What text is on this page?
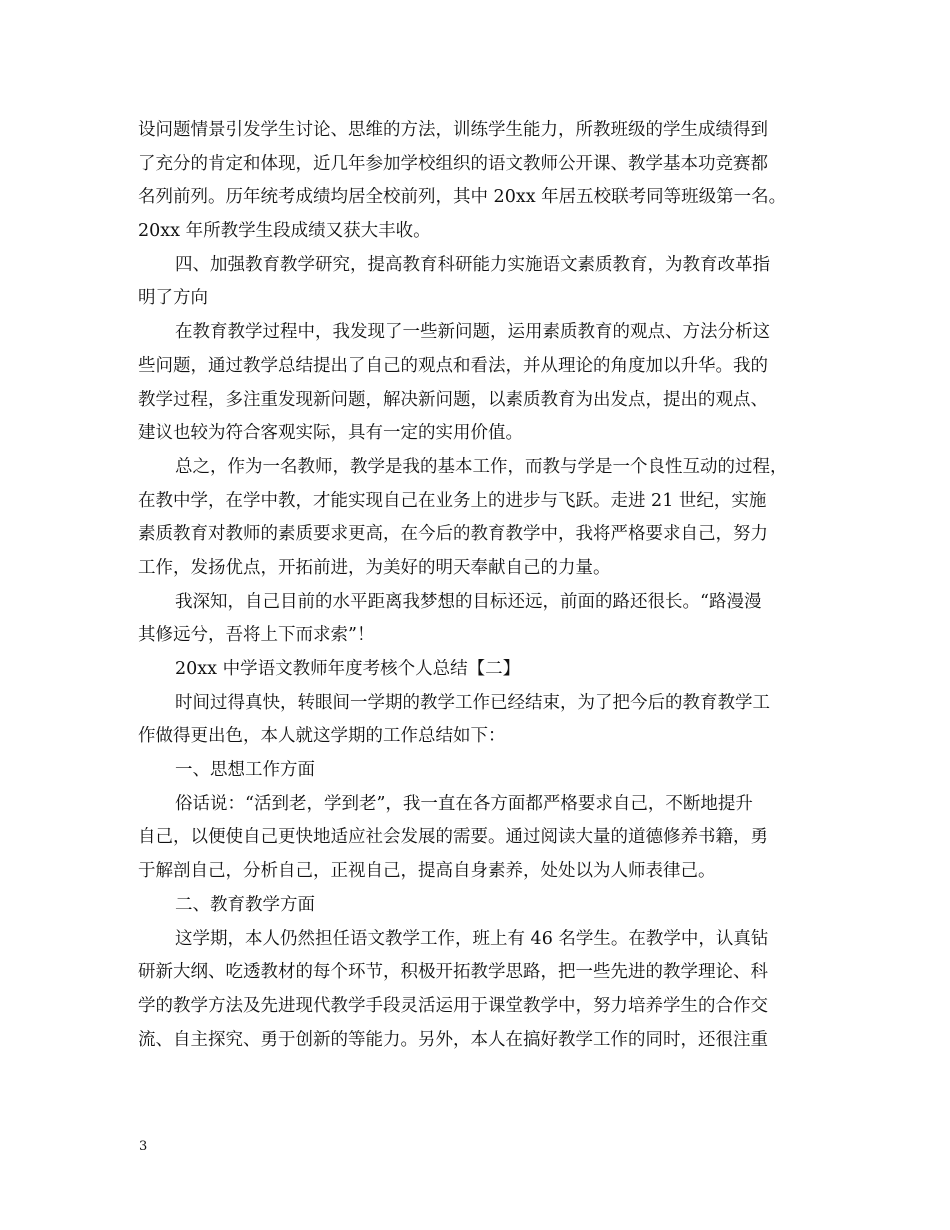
设问题情景引发学生讨论、思维的方法，训练学生能力，所教班级的学生成绩得到
了充分的肯定和体现，近几年参加学校组织的语文教师公开课、教学基本功竞赛都
名列前列。历年统考成绩均居全校前列，其中 20xx 年居五校联考同等班级第一名。
20xx 年所教学生段成绩又获大丰收。
四、加强教育教学研究，提高教育科研能力实施语文素质教育，为教育改革指
明了方向
在教育教学过程中，我发现了一些新问题，运用素质教育的观点、方法分析这
些问题，通过教学总结提出了自己的观点和看法，并从理论的角度加以升华。我的
教学过程，多注重发现新问题，解决新问题，以素质教育为出发点，提出的观点、
建议也较为符合客观实际，具有一定的实用价值。
总之，作为一名教师，教学是我的基本工作，而教与学是一个良性互动的过程，
在教中学，在学中教，才能实现自己在业务上的进步与飞跃。走进 21 世纪，实施
素质教育对教师的素质要求更高，在今后的教育教学中，我将严格要求自己，努力
工作，发扬优点，开拓前进，为美好的明天奉献自己的力量。
我深知，自己目前的水平距离我梦想的目标还远，前面的路还很长。“路漫漫
其修远兮，吾将上下而求索”！
20xx 中学语文教师年度考核个人总结【二】
时间过得真快，转眼间一学期的教学工作已经结束，为了把今后的教育教学工
作做得更出色，本人就这学期的工作总结如下：
一、思想工作方面
俗话说：“活到老，学到老”，我一直在各方面都严格要求自己，不断地提升
自己，以便使自己更快地适应社会发展的需要。通过阅读大量的道德修养书籍，勇
于解剖自己，分析自己，正视自己，提高自身素养，处处以为人师表律己。
二、教育教学方面
这学期，本人仍然担任语文教学工作，班上有 46 名学生。在教学中，认真钻
研新大纲、吃透教材的每个环节，积极开拓教学思路，把一些先进的教学理论、科
学的教学方法及先进现代教学手段灵活运用于课堂教学中，努力培养学生的合作交
流、自主探究、勇于创新的等能力。另外，本人在搞好教学工作的同时，还很注重
3
